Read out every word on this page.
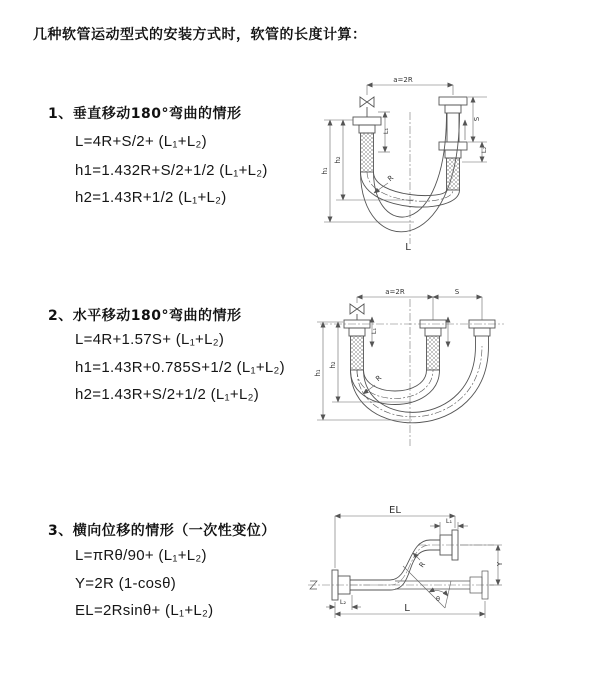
几种软管运动型式的安装方式时，软管的长度计算：
1、垂直移动180°弯曲的情形
L=4R+S/2+ (L₁+L₂)
h1=1.432R+S/2+1/2 (L₁+L₂)
h2=1.43R+1/2 (L₁+L₂)
2、水平移动180°弯曲的情形
L=4R+1.57S+ (L₁+L₂)
h1=1.43R+0.785S+1/2 (L₁+L₂)
h2=1.43R+S/2+1/2 (L₁+L₂)
3、横向位移的情形（一次性变位）
L=πRθ/90+ (L₁+L₂)
Y=2R (1-cosθ)
EL=2Rsinθ+ (L₁+L₂)
a=2R
h₁
h₂
L₁
S
L₂
R
L
a=2R	S
h₁
h₂
L₁
R
EL
L₁
Y
R
θ
L
L₂
